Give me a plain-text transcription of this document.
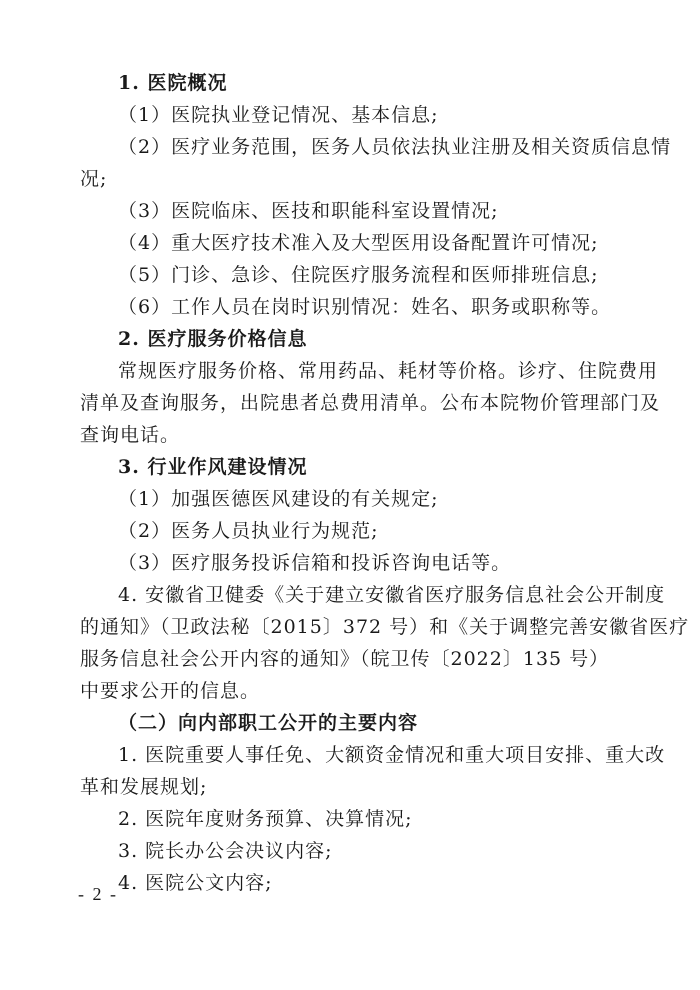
1. 医院概况
（1）医院执业登记情况、基本信息;
（2）医疗业务范围，医务人员依法执业注册及相关资质信息情
况;
（3）医院临床、医技和职能科室设置情况;
（4）重大医疗技术准入及大型医用设备配置许可情况;
（5）门诊、急诊、住院医疗服务流程和医师排班信息;
（6）工作人员在岗时识别情况：姓名、职务或职称等。
2. 医疗服务价格信息
常规医疗服务价格、常用药品、耗材等价格。诊疗、住院费用
清单及查询服务，出院患者总费用清单。公布本院物价管理部门及
查询电话。
3. 行业作风建设情况
（1）加强医德医风建设的有关规定;
（2）医务人员执业行为规范;
（3）医疗服务投诉信箱和投诉咨询电话等。
4. 安徽省卫健委《关于建立安徽省医疗服务信息社会公开制度
的通知》（卫政法秘〔2015〕372 号）和《关于调整完善安徽省医疗
服务信息社会公开内容的通知》（皖卫传〔2022〕135 号）
中要求公开的信息。
（二）向内部职工公开的主要内容
1. 医院重要人事任免、大额资金情况和重大项目安排、重大改
革和发展规划;
2. 医院年度财务预算、决算情况;
3. 院长办公会决议内容;
4. 医院公文内容;
- 2 -
